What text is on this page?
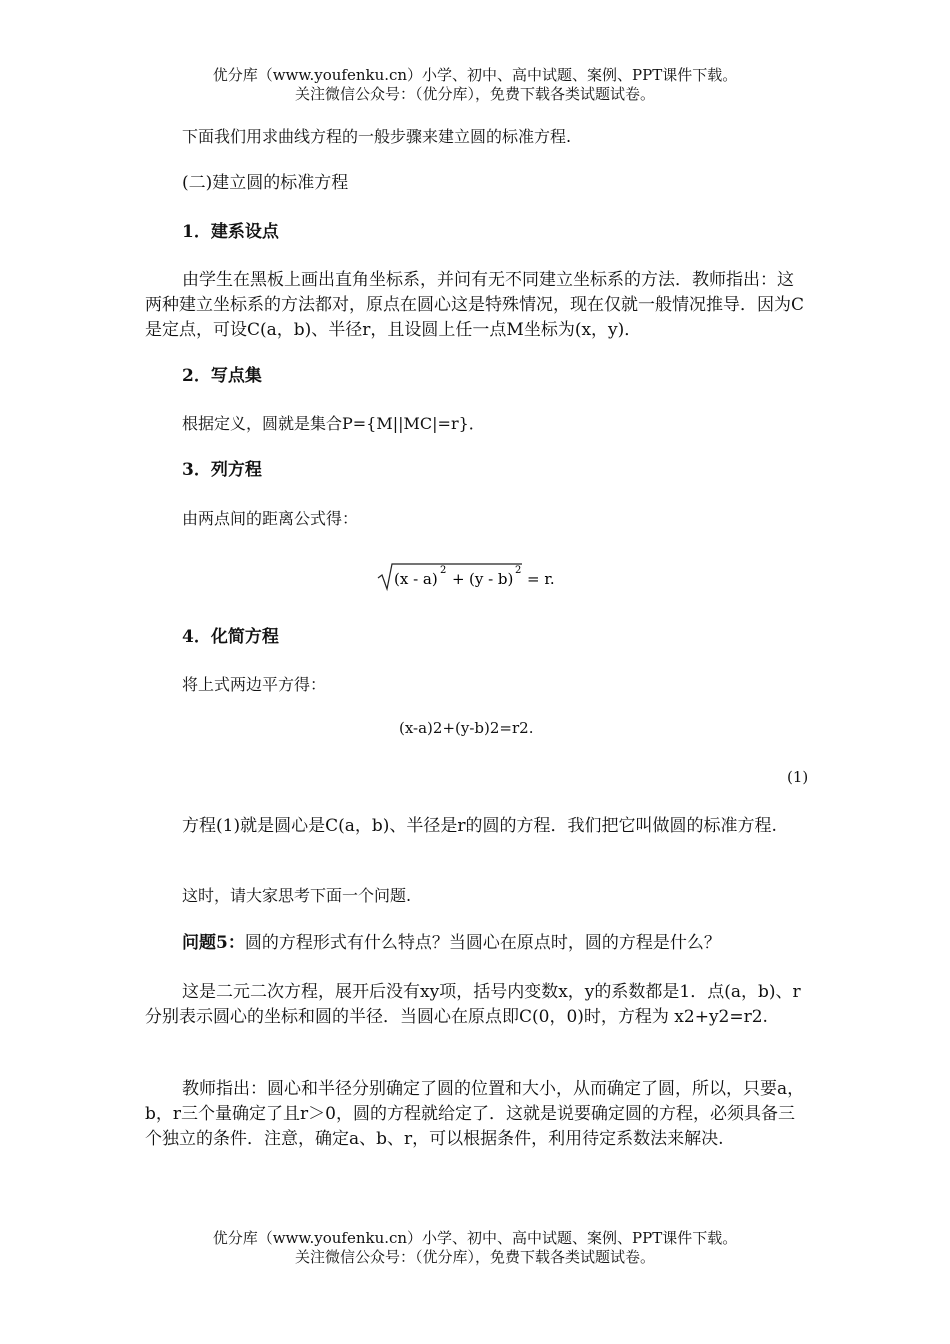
优分库（www.youfenku.cn）小学、初中、高中试题、案例、PPT课件下载。
关注微信公众号：（优分库），免费下载各类试题试卷。
下面我们用求曲线方程的一般步骤来建立圆的标准方程.
(二)建立圆的标准方程
1．建系设点
由学生在黑板上画出直角坐标系，并问有无不同建立坐标系的方法．教师指出：这两种建立坐标系的方法都对，原点在圆心这是特殊情况，现在仅就一般情况推导．因为C是定点，可设C(a，b)、半径r，且设圆上任一点M坐标为(x，y)．
2．写点集
根据定义，圆就是集合P={M||MC|=r}．
3．列方程
由两点间的距离公式得：
(x - a) 2 + (y - b) 2 = r.
4．化简方程
将上式两边平方得：
(x-a)2+(y-b)2=r2.
(1)
方程(1)就是圆心是C(a，b)、半径是r的圆的方程．我们把它叫做圆的标准方程.
这时，请大家思考下面一个问题.
问题5：圆的方程形式有什么特点？当圆心在原点时，圆的方程是什么？
这是二元二次方程，展开后没有xy项，括号内变数x，y的系数都是1．点(a，b)、r分别表示圆心的坐标和圆的半径．当圆心在原点即C(0，0)时，方程为 x2+y2=r2.
教师指出：圆心和半径分别确定了圆的位置和大小，从而确定了圆，所以，只要a，b，r三个量确定了且r＞0，圆的方程就给定了．这就是说要确定圆的方程，必须具备三个独立的条件．注意，确定a、b、r，可以根据条件，利用待定系数法来解决.
优分库（www.youfenku.cn）小学、初中、高中试题、案例、PPT课件下载。
关注微信公众号：（优分库），免费下载各类试题试卷。
